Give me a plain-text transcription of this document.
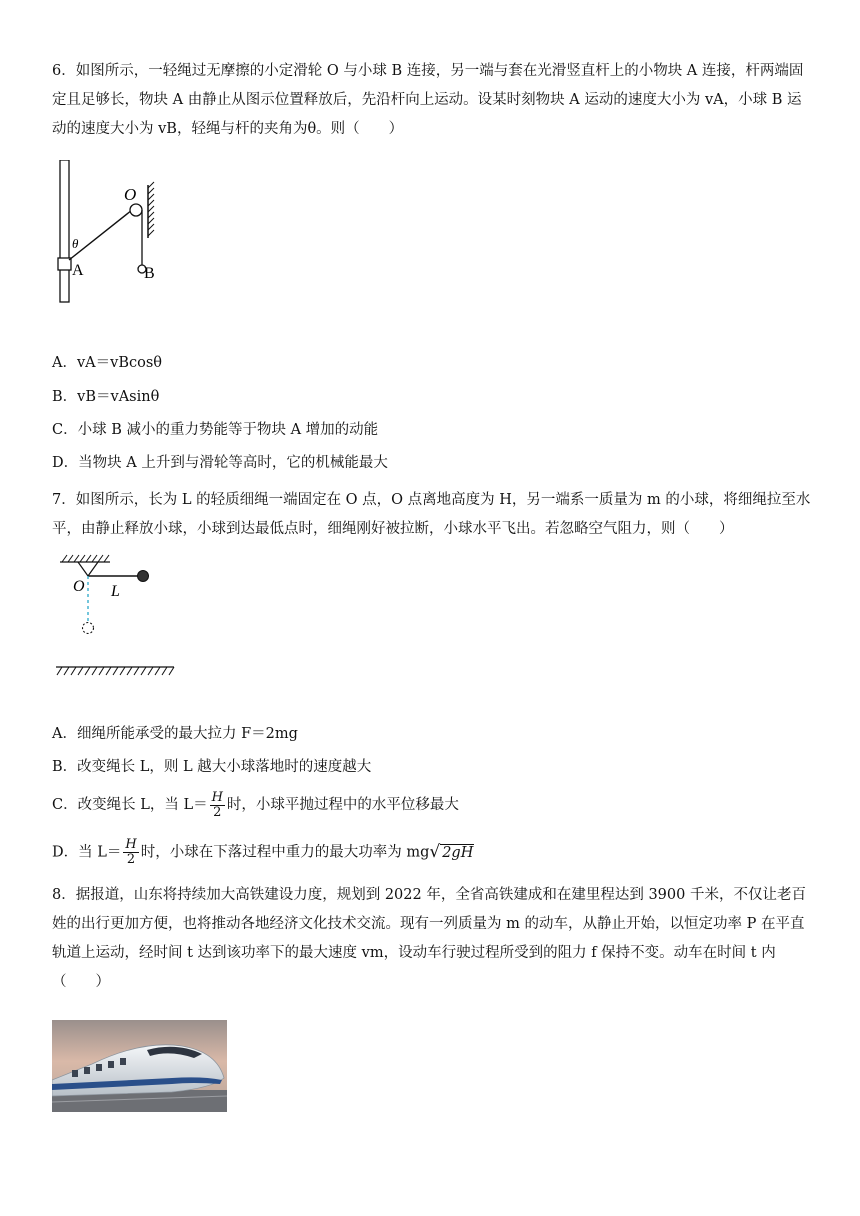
6．如图所示，一轻绳过无摩擦的小定滑轮 O 与小球 B 连接，另一端与套在光滑竖直杆上的小物块 A 连接，杆两端固定且足够长，物块 A 由静止从图示位置释放后，先沿杆向上运动。设某时刻物块 A 运动的速度大小为 vA，小球 B 运动的速度大小为 vB，轻绳与杆的夹角为θ。则（　　）
O
θ
A	B
A．vA＝vBcosθ
B．vB＝vAsinθ
C．小球 B 减小的重力势能等于物块 A 增加的动能
D．当物块 A 上升到与滑轮等高时，它的机械能最大
7．如图所示，长为 L 的轻质细绳一端固定在 O 点，O 点离地高度为 H，另一端系一质量为 m 的小球，将细绳拉至水平，由静止释放小球，小球到达最低点时，细绳刚好被拉断，小球水平飞出。若忽略空气阻力，则（　　）
O L
A．细绳所能承受的最大拉力 F＝2mg
B．改变绳长 L，则 L 越大小球落地时的速度越大
C．改变绳长 L，当 $L= \frac{H}{2}$ 时，小球平抛过程中的水平位移最大
D．当 $L= \frac{H}{2}$ 时，小球在下落过程中重力的最大功率为 mg√ 2gH
8．据报道，山东将持续加大高铁建设力度，规划到 2022 年，全省高铁建成和在建里程达到 3900 千米，不仅让老百姓的出行更加方便，也将推动各地经济文化技术交流。现有一列质量为 m 的动车，从静止开始，以恒定功率 P 在平直轨道上运动，经时间 t 达到该功率下的最大速度 vm，设动车行驶过程所受到的阻力 f 保持不变。动车在时间 t 内（　　）
